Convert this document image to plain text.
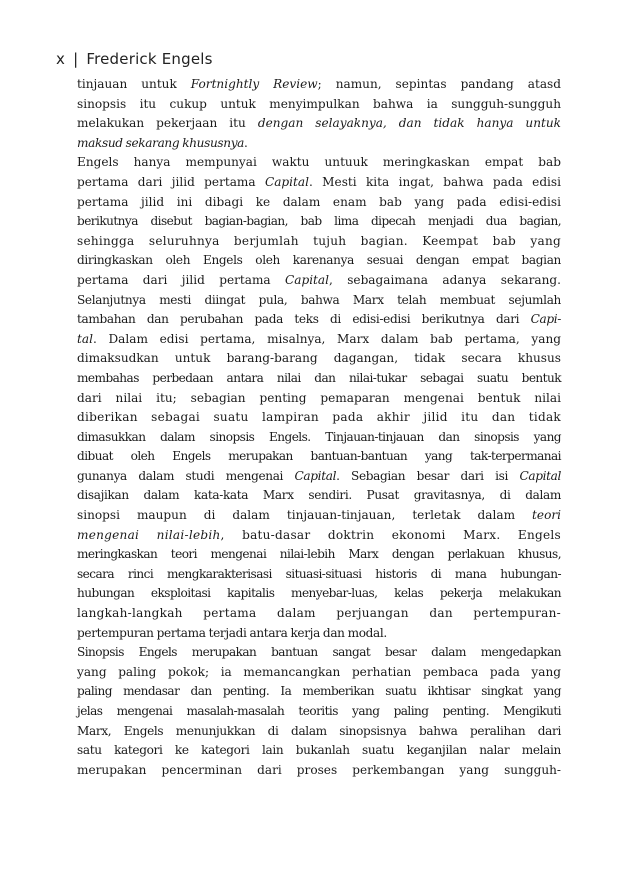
x | Frederick Engels
tinjauan untuk Fortnightly Review; namun, sepintas pandang atasd
sinopsis itu cukup untuk menyimpulkan bahwa ia sungguh-sungguh
melakukan pekerjaan itu dengan selayaknya, dan tidak hanya untuk
maksud sekarang khususnya.
Engels hanya mempunyai waktu untuuk meringkaskan empat bab
pertama dari jilid pertama Capital. Mesti kita ingat, bahwa pada edisi
pertama jilid ini dibagi ke dalam enam bab yang pada edisi-edisi
berikutnya disebut bagian-bagian, bab lima dipecah menjadi dua bagian,
sehingga seluruhnya berjumlah tujuh bagian. Keempat bab yang
diringkaskan oleh Engels oleh karenanya sesuai dengan empat bagian
pertama dari jilid pertama Capital, sebagaimana adanya sekarang.
Selanjutnya mesti diingat pula, bahwa Marx telah membuat sejumlah
tambahan dan perubahan pada teks di edisi-edisi berikutnya dari Capi-
tal. Dalam edisi pertama, misalnya, Marx dalam bab pertama, yang
dimaksudkan untuk barang-barang dagangan, tidak secara khusus
membahas perbedaan antara nilai dan nilai-tukar sebagai suatu bentuk
dari nilai itu; sebagian penting pemaparan mengenai bentuk nilai
diberikan sebagai suatu lampiran pada akhir jilid itu dan tidak
dimasukkan dalam sinopsis Engels. Tinjauan-tinjauan dan sinopsis yang
dibuat oleh Engels merupakan bantuan-bantuan yang tak-terpermanai
gunanya dalam studi mengenai Capital. Sebagian besar dari isi Capital
disajikan dalam kata-kata Marx sendiri. Pusat gravitasnya, di dalam
sinopsi maupun di dalam tinjauan-tinjauan, terletak dalam teori
mengenai nilai-lebih, batu-dasar doktrin ekonomi Marx. Engels
meringkaskan teori mengenai nilai-lebih Marx dengan perlakuan khusus,
secara rinci mengkarakterisasi situasi-situasi historis di mana hubungan-
hubungan eksploitasi kapitalis menyebar-luas, kelas pekerja melakukan
langkah-langkah pertama dalam perjuangan dan pertempuran-
pertempuran pertama terjadi antara kerja dan modal.
Sinopsis Engels merupakan bantuan sangat besar dalam mengedapkan
yang paling pokok; ia memancangkan perhatian pembaca pada yang
paling mendasar dan penting. Ia memberikan suatu ikhtisar singkat yang
jelas mengenai masalah-masalah teoritis yang paling penting. Mengikuti
Marx, Engels menunjukkan di dalam sinopsisnya bahwa peralihan dari
satu kategori ke kategori lain bukanlah suatu keganjilan nalar melain
merupakan pencerminan dari proses perkembangan yang sungguh-
